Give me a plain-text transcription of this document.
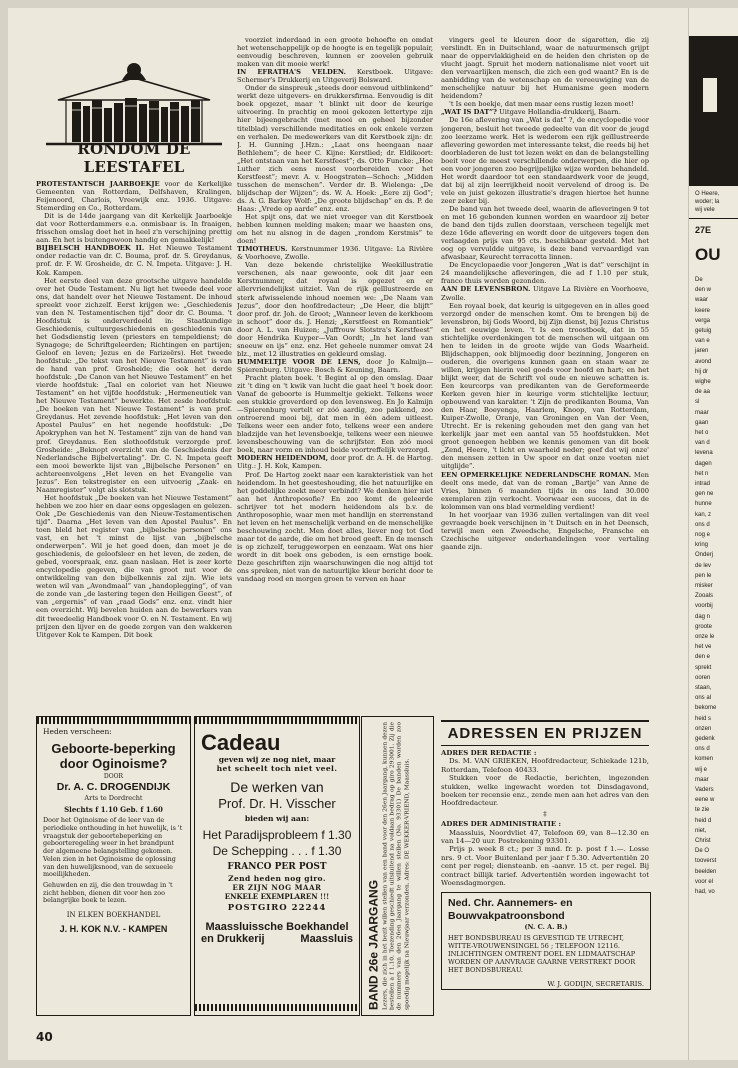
RONDOM DE LEESTAFEL

PROTESTANTSCH JAARBOEKJE voor de Kerkelijke Gemeenten van Rotterdam, Delfshaven, Kralingen, Feijenoord, Charlois, Vreewijk enz. 1936. Uitgave: Stemerding en Co., Rotterdam.

Dit is de 14de jaargang van dit Kerkelijk Jaarboekje dat voor Rotterdammers e.a. onmisbaar is. In fraaigen, frisschen omslag doet het in heel z'n verschijning prettig aan. En het is buitengewoon handig en gemakkelijk!

BIJBELSCH HANDBOEK II. Het Nieuwe Testament onder redactie van dr. C. Bouma, prof. dr. S. Greydanus, prof. dr. F. W. Grosheide, dr. C. N. Impeta. Uitgave: J. H. Kok. Kampen.

Het eerste deel van deze grootsche uitgave handelde over het Oude Testament. Nu ligt het tweede deel voor ons, dat handelt over het Nieuwe Testament. De inhoud spreekt voor zichzelf. Eerst krijgen we: „Geschiedenis van den N. Testamentischen tijd” door dr. C. Bouma. 't Hoofdstuk is onderverdeeld in: Staatkundige Geschiedenis, cultuurgeschiedenis en geschiedenis van het Godsdienstig leven (priesters en tempeldienst; de Synagoge; de Schriftgeleerden; Richtingen en partijen; Geloof en leven; Jezus en de Farizeërs). Het tweede hoofdstuk: „De tekst van het Nieuwe Testament” is van de hand van prof. Grosheide; die ook het derde hoofdstuk: „De Canon van het Nieuwe Testament” en het vierde hoofdstuk: „Taal en coloriet van het Nieuwe Testament” en het vijfde hoofdstuk: „Hermeneutiek van het Nieuwe Testament” bewerkte. Het zesde hoofdstuk: „De boeken van het Nieuwe Testament” is van prof. Greydanus. Het zevende hoofdstuk: „Het leven van den Apostel Paulus” en het negende hoofdstuk: „De Apokryphen van het N. Testament” zijn van de hand van prof. Greydanus. Een slothoofdstuk verzorgde prof. Grosheide: „Beknopt overzicht van de Geschiedenis der Nederlandsche Bijbelvertaling”. Dr. C. N. Impeta geeft een mooi bewerkte lijst van „Bijbelsche Personen” en achtereenvolgens „Het leven en het Evangelie van Jezus”. Een tekstregister en een uitvoerig „Zaak- en Naamregister” volgt als slotstuk.

Het hoofdstuk „De boeken van het Nieuwe Testament” hebben we zoo hier en daar eens opgeslagen en gelezen. Ook „De Geschiedenis van den Nieuw-Testamentischen tijd”. Daarna „Het leven van den Apostel Paulus”. En toen bleld het register van „bijbelsche personen” ons vast, en het 't minst de lijst van „bijbelsche onderwerpen”. Wil je het goed doen, dan moet je de geschiedenis, de geloofsleer en het leven, de zeden, de gebed, voorspraak, enz. gaan naslaan. Het is zeer korte encyclopedie gegeven, die van groot nut voor de ontwikkeling van den bijbelkennis zal zijn. Wie iets weten wil van „Avondmaal” van „handoplegging”, of van de zonde van „de lastering tegen den Heiligen Geest”, of van „ergernis” of van „raad Gods” enz. enz. vindt hier een overzicht. Wij bevelen huiden aan de bewerkers van dit tweedeelig Handboek voor O. en N. Testament. En wij prijzen den lijver en de goede zorgen van den wakkeren Uitgever Kok te Kampen. Dit boek

voorziet inderdaad in een groote behoefte en omdat het wetenschappelijk op de hoogte is en tegelijk populair, eenvoudig beschreven, kunnen er zoovelen gebruik maken van dit mooie werk!

IN EFRATHA'S VELDEN. Kerstboek. Uitgave: Schermer's Drukkerij en Uitgeverij Bolsward.

Onder de sinspreuk „steeds door eenvoud uitblinkend” werkt deze uitgevers- en drukkersfirma. Eenvoudig is dit boek opgezet, maar 't blinkt uit door de keurige uitvoering. In prachtig en mooi gekozen lettertype zijn hier bijeengebracht (met mooi en geheel bijzonder titelblad) verschillende meditaties en ook enkele verzen en verhalen. De medewerkers van dit Kerstboek zijn: dr. J. H. Gunning J.Hzn.: „Laat ons heengaan naar Bethlehem”; de heer C. Kijne: Kerstlied; dr. Eldikoort: „Het ontstaan van het Kerstfeest”; ds. Otto Funcke: „Hoe Luther zich eens moest voorbereiden voor het Kerstfeest”; mevr. A. v. Hoogstraten—Schoch: „Midden tusschen de menschen”. Verder dr. B. Wielenga: „De blijdschap der Wijzen”; ds. W. A. Hoek: „Eere zij God”; ds. A. G. Barkey Wolf: „De groote blijdschap” en ds. P. de Haas: „Vrede op aarde” enz. enz.

Het spijt ons, dat we niet vroeger van dit Kerstboek hebben kunnen melding maken; maar we haasten ons, om het nu alsnog in de dagen „rondom Kerstmis” te doen!

TIMOTHEUS. Kerstnummer 1936. Uitgave: La Rivière & Voorhoeve, Zwolle.

Van deze bekende christelijke Weekillustratie verschenen, als naar gewoonte, ook dit jaar een Kerstnummer, dat royaal is opgezet en er allervriendelijkst uitziet. Van de rijk geïllustreerde en sterk afwisselende inhoud noemen we: „De Naam van Jezus”, door den hoofdredacteur; „De Heer, die blijft” door prof. dr. Joh. de Groot; „Wanneer leven de kerkboom in schoot” door ds. J. Henzi; „Kerstfeest en Romantiek” door A. L. van Huizen; „Juffrouw Slotstra's Kerstfeest” door Hendrika Kuyper—Van Oordt; „In het land van sneeuw en ijs” enz. enz. Het geheele nummer omvat 24 blz., met 12 illustraties en gekleurd omslag.

HUMMELTJE VOOR DE LENS, door Jo Kalmijn—Spierenburg. Uitgave: Bosch & Keuning, Baarn.

Pracht platen boek. 't Begint al op den omslag. Daar zit 't ding en 't kwik van lucht die gaat heel 't boek door. Vanaf de geboorte is Hummeltje gekiekt. Telkens weer een stukkie groverderd op den levensweg. En Jo Kalmijn—Spierenburg vertelt er zóó aardig, zoo pakkend, zoo ontroerend mooi bij, dat men in één adem uitleest. Telkens weer een ander foto, telkens weer een andere bladzijde van het levensboekje, telkens weer een nieuwe levensbeschouwing van de schrijfster. Een zóó mooi boek, naar vorm en inhoud beide voortreffelijk verzorgd.

MODERN HEIDENDOM, door prof. dr. A. H. de Hartog. Uitg.: J. H. Kok, Kampen.

Prof. De Hartog zoekt naar een karakteristiek van het heidendom. In het geesteshouding, die het natuurlijke en het goddelijke zoekt meer verbindt? We denken hier niet aan het Anthroposofie? En zoo komt de geleerde schrijver tot het modern heidendom als b.v. de Anthroposophie, waar men met handlijn en sterrenstand het leven en het menschelijk verband en de menschelijke beschouwing zocht. Men doet alles, liever nog tot God maar tot de aarde, die om het brood geeft. En de mensch is op zichzelf, teruggeworpen en eenzaam. Wat ons hier wordt in dit boek ons geboden, is een ernstige boek. Deze geschriften zijn waarschuwingen die nog altijd tot ons spreken, niet van de natuurlijke kleur bericht door te vandaag rood en morgen groen te verven en haar

vingers geel te kleuren door de sigaretten, die zij verslindt. En in Duitschland, waar de natuurmensch grijpt naar de oppervlakkigheid en de heiden den christen op de vlucht jaagt. Spruit het modern nationalisme niet voort uit den vervaarlijken mensch, die zich een god waant? En is de aanbidding van de wetenschap en de vereeuwiging van de menschelijke natuur bij het Humanisme geen modern heidendom?

't Is een boekje, dat men maar eens rustig lezen moet!

„WAT IS DAT”? Uitgave Hollandia-drukkerij, Baarn.

De 16e aflevering van „Wat is dat” ?, de encyclopedie voor jongeren, besluit het tweede gedeelte van dit voor de jeugd zoo leerzame werk. Het is wederom een rijk geïllustreerde aflevering geworden met interessante tekst, die reeds bij het doorbladeren de lust tot lezen wekt en dan de belangstelling boeit voor de meest verschillende onderwerpen, die hier op een voor jongeren zoo begrijpelijke wijze worden behandeld. Het wordt daardoor tot een standaardwerk voor de jeugd, dat bij al zijn leerrijkheid nooit vervelend of droog is. De vele en juist gekozen illustratie's dragen hiertoe het hunne zeer zeker bij.

De band van het tweede deel, waarin de afleveringen 9 tot en met 16 gebonden kunnen worden en waardoor zij beter de band den tijds zullen doorstaan, verscheen tegelijk met deze 16de aflevering en wordt door de uitgevers tegen den verlaagden prijs van 95 cts. beschikbaar gesteld. Met het oog op vervuldde uitgave, is deze band vervaardigd van afwasbaar, Keurecht terracotta linnen.

De Encyclopaedie voor Jongeren „Wat is dat” verschijnt in 24 maandelijksche afleveringen, die ad f 1.10 per stuk, franco thuis worden gezonden.

AAN DE LEVENSBRON. Uitgave La Rivière en Voorhoeve, Zwolle.

Een royaal boek, dat keurig is uitgegeven en in alles goed verzorgd onder de menschen komt. Om te brengen bij de levensbron, bij Gods Woord, bij Zijn dienst, bij Jezus Christus en het eeuwige leven. 't Is een troostboek, dat in 55 stichtelijke overdenkingen tot de menschen wil uitgaan om hen te leiden in de groote wijde van Gods Waarheid. Blijdschappen, ook blijmoedig door bezinning, Jongeren en ouderen, die overigens kunnen gaan en staan waar ze willen, krijgen hierin veel goeds voor hoofd en hart; en het blijkt weer, dat de Schrift vol oude en nieuwe schatten is. Een keurcorps van predikanten van de Gereformeerde Kerken geven hier in keurige vorm stichtelijke lectuur, opbouwend van karakter. 't Zijn de predikanten Bouma, Van den Haar, Boeyenga, Haarlem, Knoop, van Rotterdam, Kuiper-Zwolle, Oranje, van Groningen en Van der Veen, Utrecht. Er is rekening gehouden met den gang van het kerkelijk jaar met een aantal van 55 hoofdstukken. Met groot genoegen hebben we kennis genomen van dit boek „Zend, Heere, 't licht en waarheid neder; geef dat wij onze' den mensen zetten in Uw spoor en dat onze voeten niet uitglijde”.

EEN OPMERKELIJKE NEDERLANDSCHE ROMAN. Men deelt ons mede, dat van de roman „Bartje” van Anne de Vries, binnen 6 maanden tijds in ons land 30.000 exemplaren zijn verkocht. Voorwaar een succes, dat in de kolommen van ons blad vermelding verdient!

In het voorjaar van 1936 zullen vertalingen van dit veel gevraagde boek verschijnen in 't Duitsch en in het Deensch, terwijl men een Zweedsche, Engelsche, Fransche en Czechische uitgever onderhandelingen voor vertaling gaande zijn.

Heden verscheen:
Geboorte-beperking door Oginoisme?
DOOR
Dr. A. C. DROGENDIJK
Arts te Dordrecht
Slechts f 1.10 Geb. f 1.60
Door het Oginoisme of de leer van de periodieke onthouding in het huwelijk, is 't vraagstuk der geboortebeperking en geboorteregeling weer in het brandpunt der algemeene belangstelling gekomen. Velen zien in het Oginoisme de oplossing van den huwelijksnood, van de sexueele moeilijkheden.
Gehuwden en zij, die den trouwdag in 't zicht hebben, dienen dit voor hen zoo belangrijke boek te lezen.
IN ELKEN BOEKHANDEL
J. H. KOK N.V. - KAMPEN
Cadeau
geven wij ze nog niet, maar
het scheelt toch niet veel.
De werken van
Prof. Dr. H. Visscher
bieden wij aan:
Het Paradijsprobleem f 1.30
De Schepping . . . f 1.30
FRANCO PER POST
Zend heden nog giro.
ER ZIJN NOG MAAR
ENKELE EXEMPLAREN !!!
POSTGIRO 22244
Maassluissche Boekhandel
en Drukkerij	Maassluis BAND 26e JAARGANG Lezers, die zich in het bezit willen stellen van een band voor den 26en Jaargang, kunnen dezen bestellen a f 1.10. Toezending geschiedt uitsluitend na voldaan bedrag op giro 293001. Zij die de nummers van den 26en Jaargang te willen stellen (No. 93301) De banden worden zoo spoedig mogelijk na Nieuwjaar verzonden. Adres: DE WEKKER-VRIEND, Maassluis.
ADRESSEN EN PRIJZEN
ADRES DER REDACTIE :
Ds. M. VAN GRIEKEN, Hoofdredacteur, Schiekade 121b, Rotterdam, Telefoon 40433.
Stukken voor de Redactie, berichten, ingezonden stukken, welke ingewacht worden tot Dinsdagavond, boeken ter recensie enz., zende men aan het adres van den Hoofdredacteur.
‡
ADRES DER ADMINISTRATIE :
Maassluis, Noordvliet 47, Telefoon 69, van 8—12.30 en van 14—20 uur. Postrekening 93301.
Prijs p. week 8 ct.; per 3 mnd. fr. p. post f 1.—. Losse nrs. 9 ct. Voor Buitenland per jaar f 5.30. Advertentiën 20 cent per regel; diensteanb. en -aanvr. 15 ct. per regel. Bij contract billijk tarief. Advertentiën worden ingewacht tot Woensdagmorgen.
Ned. Chr. Aannemers- en Bouwvakpatroonsbond
(N. C. A. B.)
HET BONDSBUREAU IS GEVESTIGD TE UTRECHT, WITTE-VROUWENSINGEL 56 ; TELEFOON 12116. INLICHTINGEN OMTRENT DOEL EN LIDMAATSCHAP WORDEN OP AANVRAGE GAARNE VERSTREKT DOOR HET BONDSBUREAU.
W. J. GODIJN, SECRETARIS.
40
O Heere,
woder; la
wij vele
27E
OU
De
den w
waar
keere
verga
getuig
van e
jaren
avond
hij dr
wighe
de aa
sl
maar
gaan
het o
van d
levena
dagen
het n
intrad
gen ne
hunne
kan, z
ons d
nog e
kring
Onderj
de lev
pen le
misker
Zooals
voorbij
dag n
groote
onze le
het ve
den e
sprekt
ooren
staan,
ons al
bekome
heid s
onzen
gedenk
ons d
komen
wij e
maar
Vaders
eene w
te zie
heid d
niet,
Christ
De O
tooverst
beelden
voor el
had, vo
